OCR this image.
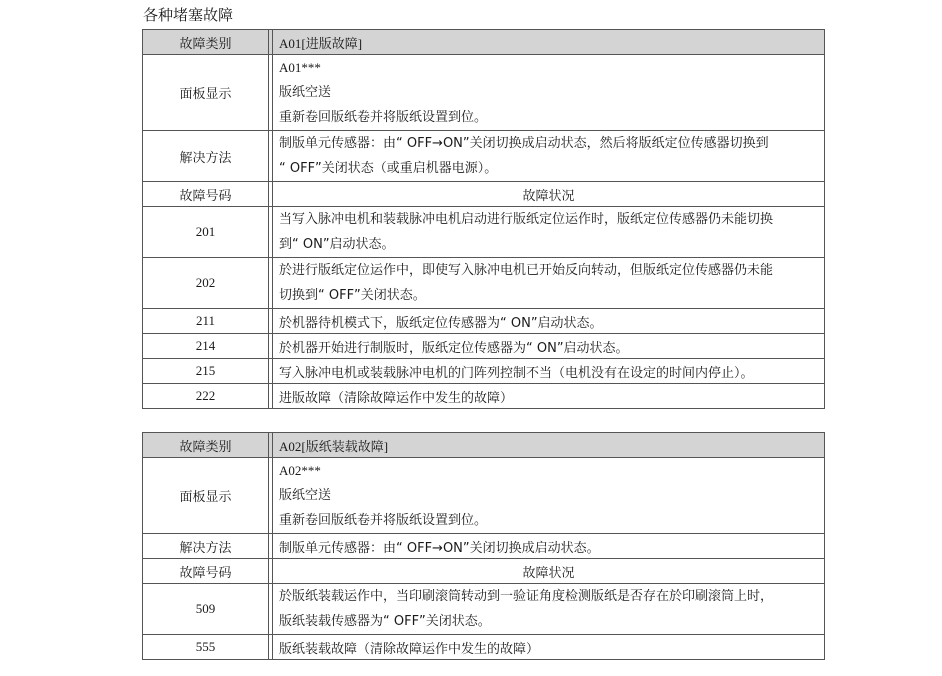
各种堵塞故障
故障类别		A01[进版故障]
面板显示		A01***
版纸空送
重新卷回版纸卷并将版纸设置到位。

解决方法		制版单元传感器：由“ OFF→ON”关闭切换成启动状态，然后将版纸定位传感器切换到
“ OFF”关闭状态（或重启机器电源）。

故障号码		故障状况
201		当写入脉冲电机和装载脉冲电机启动进行版纸定位运作时，版纸定位传感器仍未能切换
到“ ON”启动状态。

202		於进行版纸定位运作中，即使写入脉冲电机已开始反向转动，但版纸定位传感器仍未能
切换到“ OFF”关闭状态。

211		於机器待机模式下，版纸定位传感器为“ ON”启动状态。
214		於机器开始进行制版时，版纸定位传感器为“ ON”启动状态。
215		写入脉冲电机或装载脉冲电机的门阵列控制不当（电机没有在设定的时间内停止）。
222		进版故障（清除故障运作中发生的故障）
故障类别		A02[版纸装载故障]
面板显示		A02***
版纸空送
重新卷回版纸卷并将版纸设置到位。

解决方法		制版单元传感器：由“ OFF→ON”关闭切换成启动状态。
故障号码		故障状况
509		於版纸装载运作中，当印刷滚筒转动到一验证角度检测版纸是否存在於印刷滚筒上时，
版纸装载传感器为“ OFF”关闭状态。

555		版纸装载故障（清除故障运作中发生的故障）
